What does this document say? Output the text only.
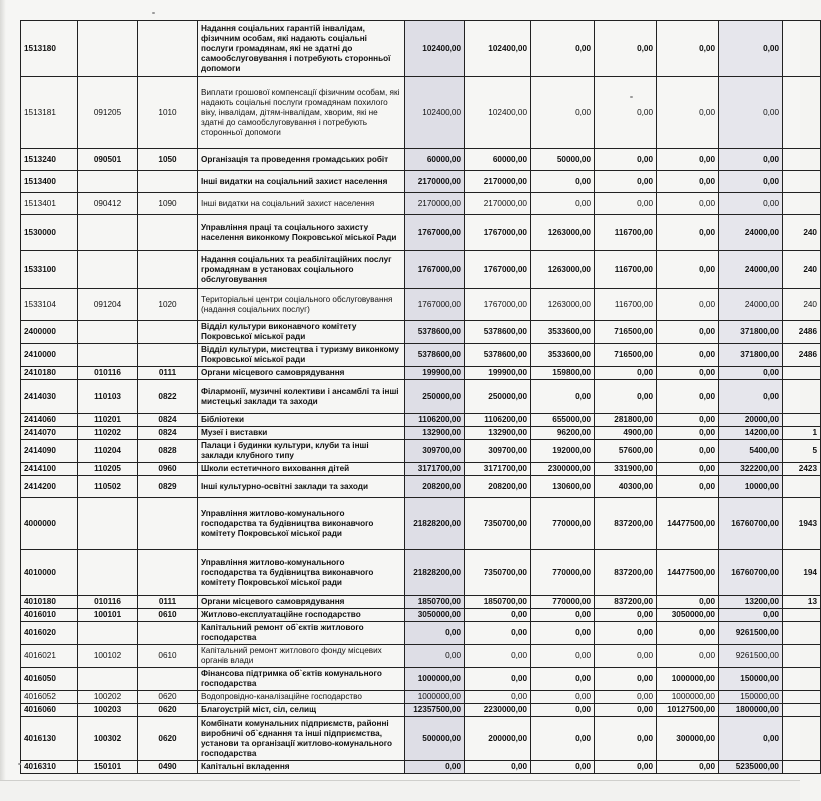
1513180			Надання соціальних гарантій інвалідам, фізичним особам, які надають соціальні послуги громадянам, які не здатні до самообслуговування і потребують сторонньої допомоги	102400,00	102400,00	0,00	0,00	0,00	0,00	
1513181	091205	1010	Виплати грошової компенсації фізичним особам, які надають соціальні послуги громадянам похилого віку, інвалідам, дітям-інвалідам, хворим, які не здатні до самообслуговування і потребують сторонньої допомоги	102400,00	102400,00	0,00	0,00	0,00	0,00	
1513240	090501	1050	Організація та проведення громадських робіт	60000,00	60000,00	50000,00	0,00	0,00	0,00	
1513400			Інші видатки на соціальний захист населення	2170000,00	2170000,00	0,00	0,00	0,00	0,00	
1513401	090412	1090	Інші видатки на соціальний захист населення	2170000,00	2170000,00	0,00	0,00	0,00	0,00	
1530000			Управління праці та соціального захисту населення виконкому Покровської міської Ради	1767000,00	1767000,00	1263000,00	116700,00	0,00	24000,00	240
1533100			Надання соціальних та реабілітаційних послуг громадянам в установах соціального обслуговування	1767000,00	1767000,00	1263000,00	116700,00	0,00	24000,00	240
1533104	091204	1020	Територіальні центри соціального обслуговування (надання соціальних послуг)	1767000,00	1767000,00	1263000,00	116700,00	0,00	24000,00	240
2400000			Відділ культури виконавчого комітету Покровської міської ради	5378600,00	5378600,00	3533600,00	716500,00	0,00	371800,00	2486
2410000			Відділ культури, мистецтва і туризму виконкому Покровської міської ради	5378600,00	5378600,00	3533600,00	716500,00	0,00	371800,00	2486
2410180	010116	0111	Органи місцевого самоврядування	199900,00	199900,00	159800,00	0,00	0,00	0,00	
2414030	110103	0822	Філармонії, музичні колективи і ансамблі та інші мистецькі заклади та заходи	250000,00	250000,00	0,00	0,00	0,00	0,00	
2414060	110201	0824	Бібліотеки	1106200,00	1106200,00	655000,00	281800,00	0,00	20000,00	
2414070	110202	0824	Музеї і виставки	132900,00	132900,00	96200,00	4900,00	0,00	14200,00	1
2414090	110204	0828	Палаци і будинки культури, клуби та інші заклади клубного типу	309700,00	309700,00	192000,00	57600,00	0,00	5400,00	5
2414100	110205	0960	Школи естетичного виховання дітей	3171700,00	3171700,00	2300000,00	331900,00	0,00	322200,00	2423
2414200	110502	0829	Інші культурно-освітні заклади та заходи	208200,00	208200,00	130600,00	40300,00	0,00	10000,00	
4000000			Управління житлово-комунального господарства та будівництва виконавчого комітету Покровської міської ради	21828200,00	7350700,00	770000,00	837200,00	14477500,00	16760700,00	1943
4010000			Управління житлово-комунального господарства та будівництва виконавчого комітету Покровської міської ради	21828200,00	7350700,00	770000,00	837200,00	14477500,00	16760700,00	194
4010180	010116	0111	Органи місцевого самоврядування	1850700,00	1850700,00	770000,00	837200,00	0,00	13200,00	13
4016010	100101	0610	Житлово-експлуатаційне господарство	3050000,00	0,00	0,00	0,00	3050000,00	0,00	
4016020			Капітальний ремонт об`єктів житлового господарства	0,00	0,00	0,00	0,00	0,00	9261500,00	
4016021	100102	0610	Капітальний ремонт житлового фонду місцевих органів влади	0,00	0,00	0,00	0,00	0,00	9261500,00	
4016050			Фінансова підтримка об`єктів комунального господарства	1000000,00	0,00	0,00	0,00	1000000,00	150000,00	
4016052	100202	0620	Водопровідно-каналізаційне господарство	1000000,00	0,00	0,00	0,00	1000000,00	150000,00	
4016060	100203	0620	Благоустрій міст, сіл, селищ	12357500,00	2230000,00	0,00	0,00	10127500,00	1800000,00	
4016130	100302	0620	Комбінати комунальних підприємств, районні виробничі об`єднання та інші підприємства, установи та організації житлово-комунального господарства	500000,00	200000,00	0,00	0,00	300000,00	0,00	
4016310	150101	0490	Капітальні вкладення	0,00	0,00	0,00	0,00	0,00	5235000,00	
